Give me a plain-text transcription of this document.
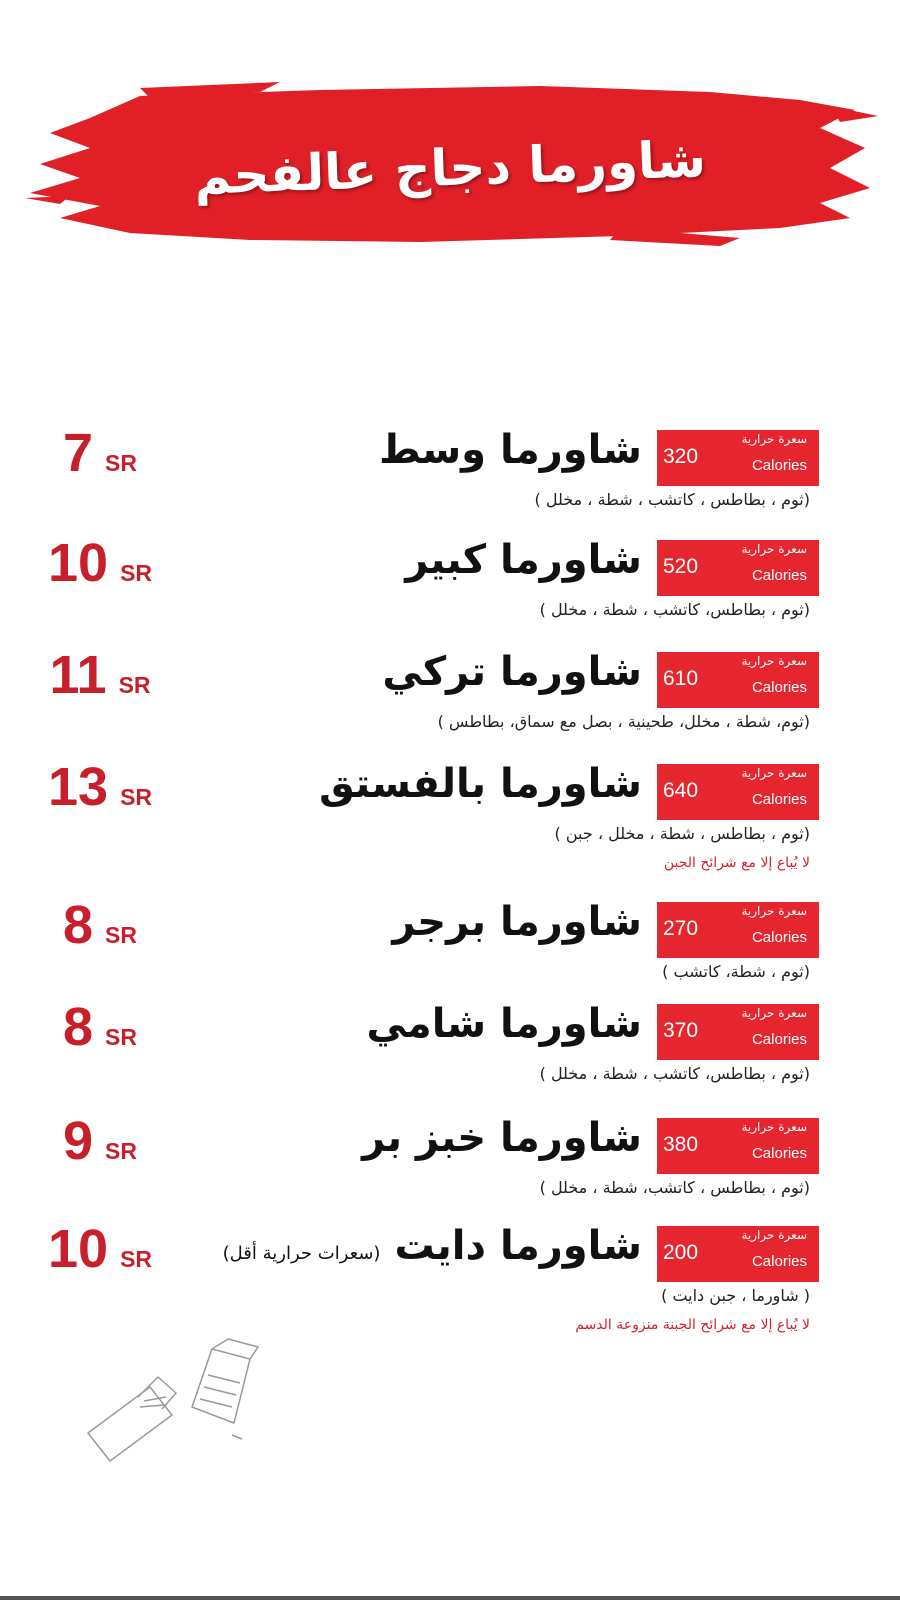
شاورما دجاج عالفحم
320
سعرة حرارية
Calories
شاورما وسط
(ثوم ، بطاطس ، كاتشب ، شطة ، مخلل )
7 SR
520
سعرة حرارية
Calories
شاورما كبير
(ثوم ، بطاطس، كاتشب ، شطة ، مخلل )
10 SR
610
سعرة حرارية
Calories
شاورما تركي
(ثوم، شطة ، مخلل، طحينية ، بصل مع سماق، بطاطس )
11 SR
640
سعرة حرارية
Calories
شاورما بالفستق
(ثوم ، بطاطس ، شطة ، مخلل ، جبن )
لا يُباع إلا مع شرائح الجبن
13 SR
270
سعرة حرارية
Calories
شاورما برجر
(ثوم ، شطة، كاتشب )
8 SR
370
سعرة حرارية
Calories
شاورما شامي
(ثوم ، بطاطس، كاتشب ، شطة ، مخلل )
8 SR
380
سعرة حرارية
Calories
شاورما خبز بر
(ثوم ، بطاطس ، كاتشب، شطة ، مخلل )
9 SR
200
سعرة حرارية
Calories
شاورما دايت(سعرات حرارية أقل)
( شاورما ، جبن دايت )
لا يُباع إلا مع شرائح الجبنة منزوعة الدسم
10 SR
